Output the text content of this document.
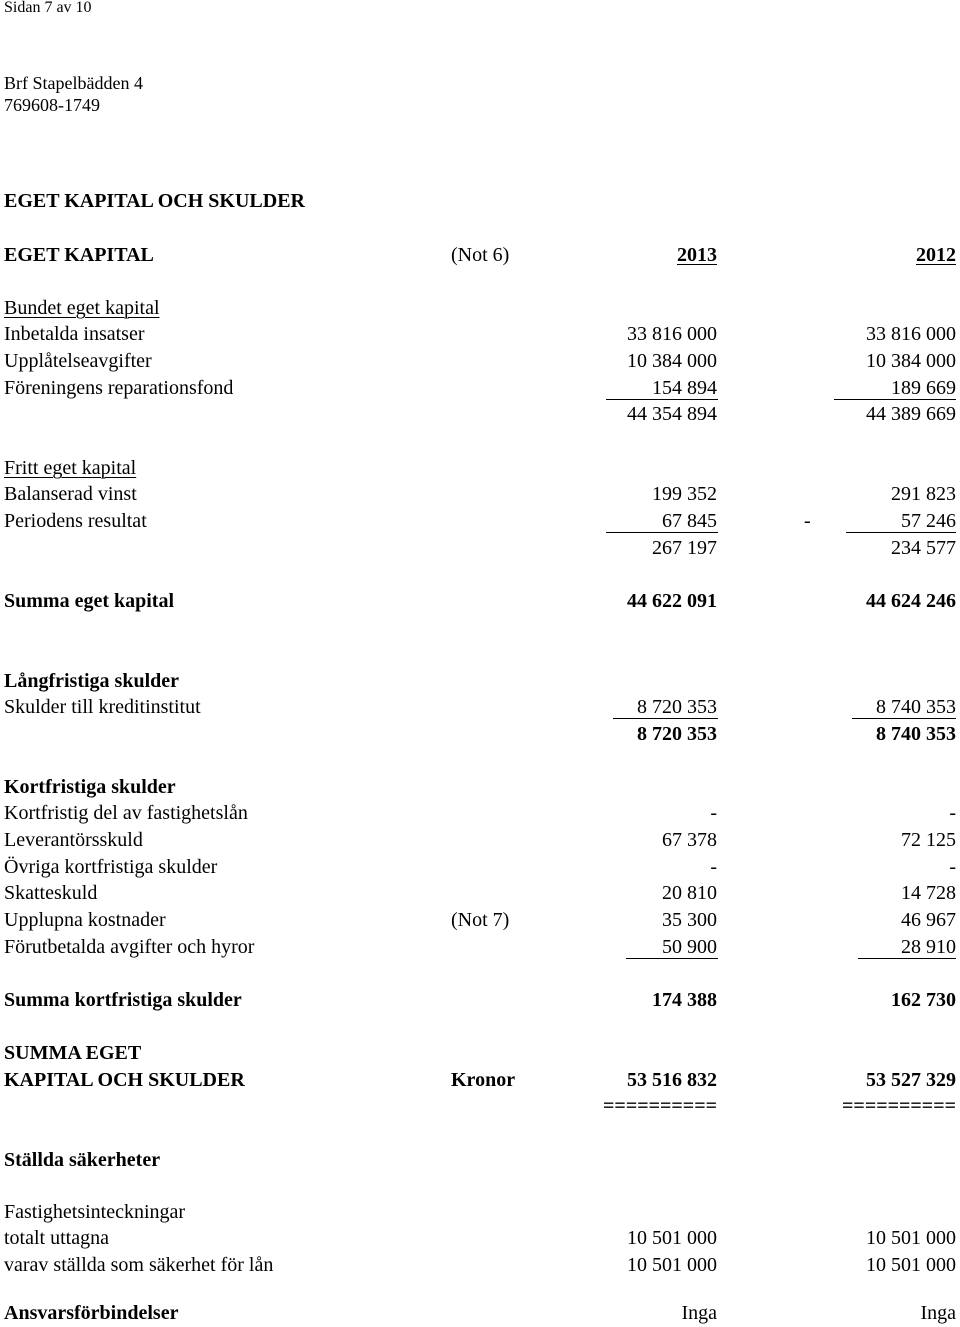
Sidan 7 av 10
Brf Stapelbädden 4
769608-1749
EGET KAPITAL OCH SKULDER
EGET KAPITAL	(Not 6)	2013	2012
Bundet eget kapital
Inbetalda insatser	33 816 000	33 816 000
Upplåtelseavgifter	10 384 000	10 384 000
Föreningens reparationsfond	154 894	189 669
44 354 894	44 389 669
Fritt eget kapital
Balanserad vinst	199 352	291 823
Periodens resultat	67 845	-	57 246
267 197	234 577
Summa eget kapital	44 622 091	44 624 246
Långfristiga skulder
Skulder till kreditinstitut	8 720 353	8 740 353
8 720 353	8 740 353
Kortfristiga skulder
Kortfristig del av fastighetslån	-	-
Leverantörsskuld	67 378	72 125
Övriga kortfristiga skulder	-	-
Skatteskuld	20 810	14 728
Upplupna kostnader	(Not 7)	35 300	46 967
Förutbetalda avgifter och hyror	50 900	28 910
Summa kortfristiga skulder	174 388	162 730
SUMMA EGET
KAPITAL OCH SKULDER	Kronor	53 516 832	53 527 329
==========	==========
Ställda säkerheter
Fastighetsinteckningar
totalt uttagna	10 501 000	10 501 000
varav ställda som säkerhet för lån	10 501 000	10 501 000
Ansvarsförbindelser	Inga	Inga
